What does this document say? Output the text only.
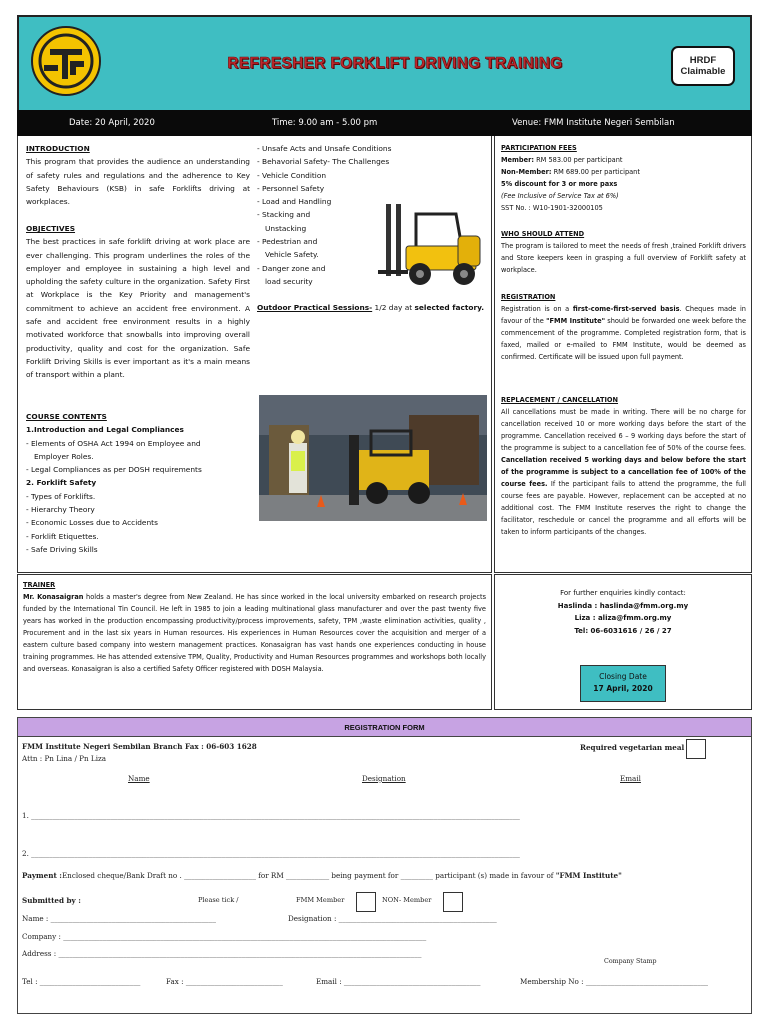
REFRESHER FORKLIFT DRIVING TRAINING	HRDF
Claimable
Date: 20 April, 2020	Time: 9.00 am - 5.00 pm	Venue: FMM Institute Negeri Sembilan
INTRODUCTION
This program that provides the audience an understanding of safety rules and regulations and the adherence to Key Safety Behaviours (KSB) in safe Forklifts driving at workplaces.
OBJECTIVES
The best practices in safe forklift driving at work place are ever challenging. This program underlines the roles of the employer and employee in sustaining a high level and upholding the safety culture in the organization. Safety First at Workplace is the Key Priority and management's commitment to achieve an accident free environment. A safe and accident free environment results in a highly motivated workforce that snowballs into improving overall productivity, quality and cost for the organization. Safe Forklift Driving Skills is ever important as it's a main means of transport within a plant.
COURSE CONTENTS
1.Introduction and Legal Compliances
- Elements of OSHA Act 1994 on Employee and
Employer Roles.
- Legal Compliances as per DOSH requirements
2. Forklift Safety
- Types of Forklifts.
- Hierarchy Theory
- Economic Losses due to Accidents
- Forklift Etiquettes.
- Safe Driving Skills
- Unsafe Acts and Unsafe Conditions
- Behavorial Safety- The Challenges
- Vehicle Condition
- Personnel Safety
- Load and Handling
- Stacking and
Unstacking
- Pedestrian and
Vehicle Safety.
- Danger zone and
load security
Outdoor Practical Sessions- 1/2 day at selected factory.
PARTICIPATION FEES
Member: RM 583.00 per participant
Non-Member: RM 689.00 per participant
5% discount for 3 or more paxs
(Fee Inclusive of Service Tax at 6%)
SST No. : W10-1901-32000105
WHO SHOULD ATTEND
The program is tailored to meet the needs of fresh ,trained Forklift drivers and Store keepers keen in grasping a full overview of Forklift safety at workplace.
REGISTRATION
Registration is on a first-come-first-served basis. Cheques made in favour of the "FMM Institute" should be forwarded one week before the commencement of the programme. Completed registration form, that is faxed, mailed or e-mailed to FMM Institute, would be deemed as confirmed. Certificate will be issued upon full payment.
REPLACEMENT / CANCELLATION
All cancellations must be made in writing. There will be no charge for cancellation received 10 or more working days before the start of the programme. Cancellation received 6 – 9 working days before the start of the programme is subject to a cancellation fee of 50% of the course fees. Cancellation received 5 working days and below before the start of the programme is subject to a cancellation fee of 100% of the course fees. If the participant fails to attend the programme, the full course fees are payable. However, replacement can be accepted at no additional cost. The FMM Institute reserves the right to change the facilitator, reschedule or cancel the programme and all efforts will be taken to inform participants of the changes.
TRAINER
Mr. Konasaigran holds a master's degree from New Zealand. He has since worked in the local university embarked on research projects funded by the International Tin Council. He left in 1985 to join a leading multinational glass manufacturer and over the past twenty five years has worked in the production encompassing productivity/process improvements, safety, TPM ,waste elimination activities, quality , Procurement and in the last six years in Human resources. His experiences in Human Resources cover the acquisition and merger of a eastern culture based company into western management practices. Konasaigran has vast hands one experiences conducting in house training programmes. He has attended extensive TPM, Quality, Productivity and Human Resources programmes and workshops both locally and overseas. Konasaigran is also a certified Safety Officer registered with DOSH Malaysia.
For further enquiries kindly contact:
Haslinda : haslinda@fmm.org.my
Liza : aliza@fmm.org.my
Tel: 06-6031616 / 26 / 27
Closing Date
17 April, 2020
REGISTRATION FORM
FMM Institute Negeri Sembilan Branch Fax : 06-603 1628
Attn : Pn Lina / Pn Liza
Required vegetarian meal
Name	Designation	Email
1. ________________________________________________________________________________________________________________________________________
2. ________________________________________________________________________________________________________________________________________
Payment :Enclosed cheque/Bank Draft no . ____________________ for RM ____________ being payment for _________ participant (s) made in favour of "FMM Institute"
Submitted by :	Please tick /	FMM Member	NON- Member
Name : ______________________________________________	Designation : ____________________________________________
Company : _____________________________________________________________________________________________________
Address : _____________________________________________________________________________________________________
Company Stamp
Tel : ____________________________	Fax : ___________________________	Email : ______________________________________	Membership No : __________________________________
